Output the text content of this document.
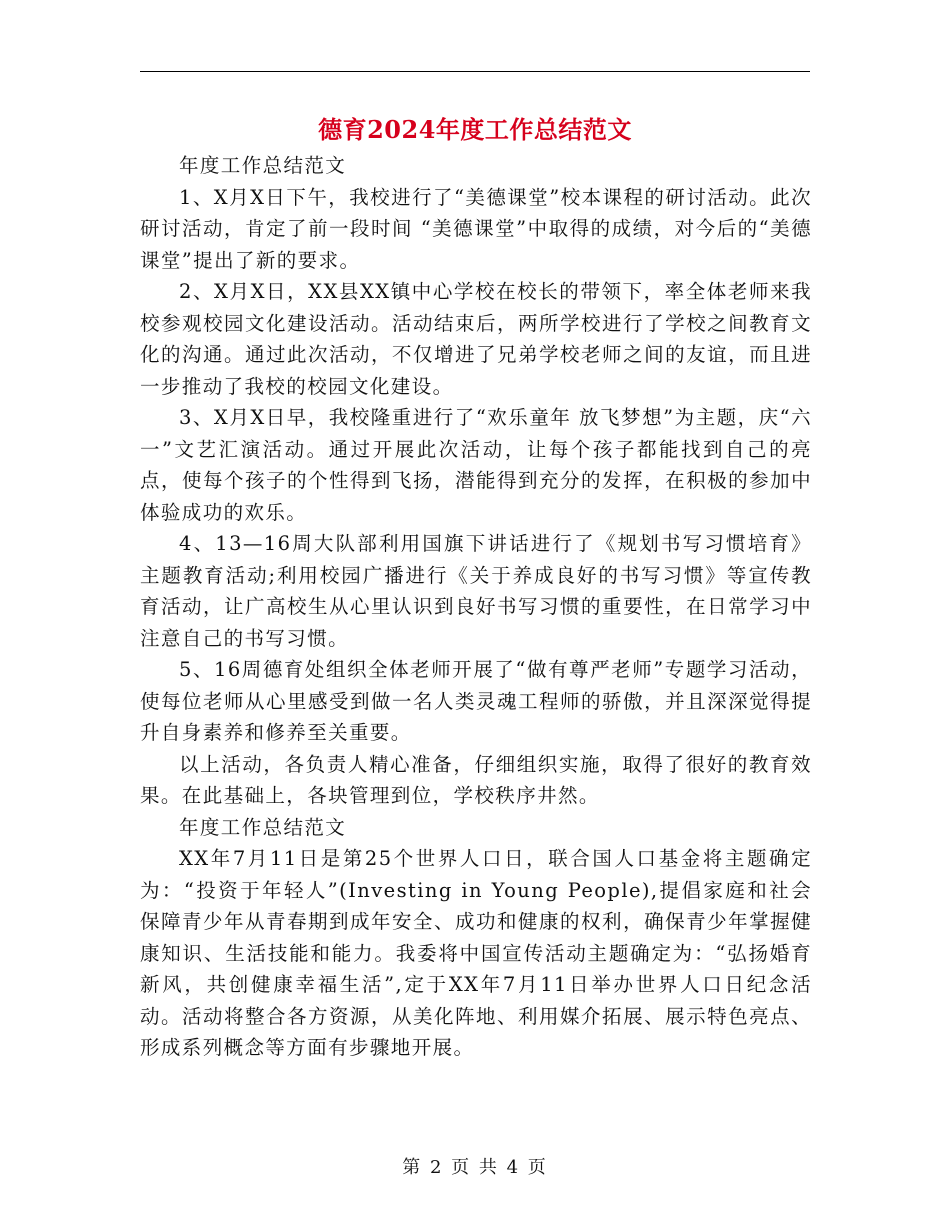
德育2024年度工作总结范文

年度工作总结范文

1、X月X日下午，我校进行了“美德课堂”校本课程的研讨活动。此次研讨活动，肯定了前一段时间 “美德课堂”中取得的成绩，对今后的“美德课堂”提出了新的要求。

2、X月X日，XX县XX镇中心学校在校长的带领下，率全体老师来我校参观校园文化建设活动。活动结束后，两所学校进行了学校之间教育文化的沟通。通过此次活动，不仅增进了兄弟学校老师之间的友谊，而且进一步推动了我校的校园文化建设。

3、X月X日早，我校隆重进行了“欢乐童年 放飞梦想”为主题，庆“六一”文艺汇演活动。通过开展此次活动，让每个孩子都能找到自己的亮点，使每个孩子的个性得到飞扬，潜能得到充分的发挥，在积极的参加中体验成功的欢乐。

4、13—16周大队部利用国旗下讲话进行了《规划书写习惯培育》主题教育活动;利用校园广播进行《关于养成良好的书写习惯》等宣传教育活动，让广高校生从心里认识到良好书写习惯的重要性，在日常学习中注意自己的书写习惯。

5、16周德育处组织全体老师开展了“做有尊严老师”专题学习活动，使每位老师从心里感受到做一名人类灵魂工程师的骄傲，并且深深觉得提升自身素养和修养至关重要。

以上活动，各负责人精心准备，仔细组织实施，取得了很好的教育效果。在此基础上，各块管理到位，学校秩序井然。

年度工作总结范文

XX年7月11日是第25个世界人口日，联合国人口基金将主题确定为：“投资于年轻人”(Investing in Young People),提倡家庭和社会保障青少年从青春期到成年安全、成功和健康的权利，确保青少年掌握健康知识、生活技能和能力。我委将中国宣传活动主题确定为：“弘扬婚育新风，共创健康幸福生活”,定于XX年7月11日举办世界人口日纪念活动。活动将整合各方资源，从美化阵地、利用媒介拓展、展示特色亮点、形成系列概念等方面有步骤地开展。

第 2 页 共 4 页
